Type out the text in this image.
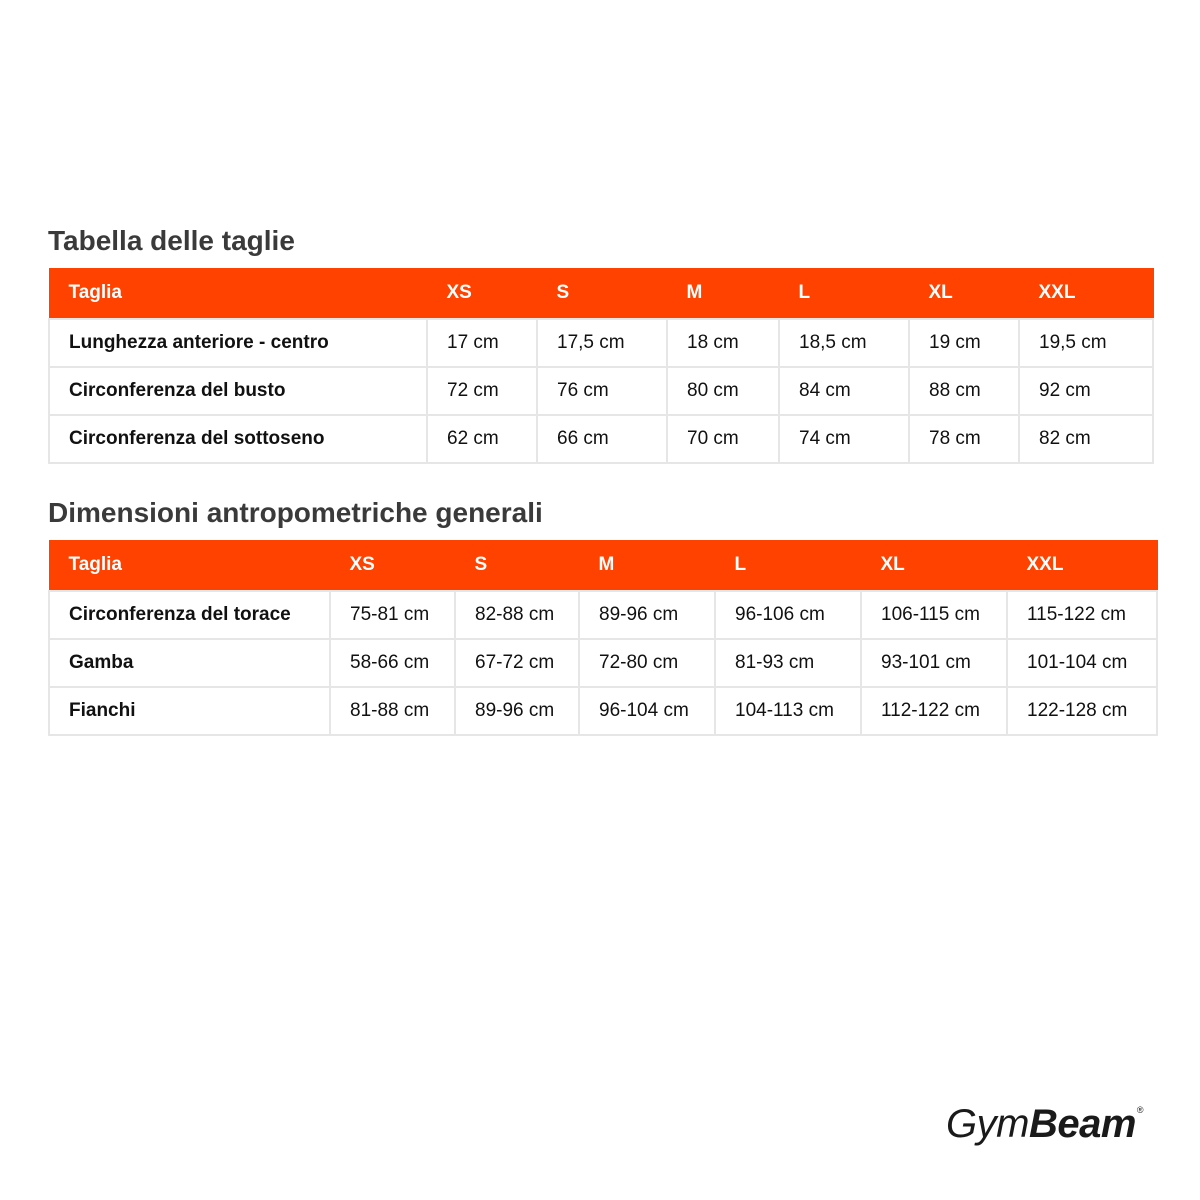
Tabella delle taglie
Taglia	XS	S	M	L	XL	XXL
Lunghezza anteriore - centro	17 cm	17,5 cm	18 cm	18,5 cm	19 cm	19,5 cm
Circonferenza del busto	72 cm	76 cm	80 cm	84 cm	88 cm	92 cm
Circonferenza del sottoseno	62 cm	66 cm	70 cm	74 cm	78 cm	82 cm
Dimensioni antropometriche generali
Taglia	XS	S	M	L	XL	XXL
Circonferenza del torace	75-81 cm	82-88 cm	89-96 cm	96-106 cm	106-115 cm	115-122 cm
Gamba	58-66 cm	67-72 cm	72-80 cm	81-93 cm	93-101 cm	101-104 cm
Fianchi	81-88 cm	89-96 cm	96-104 cm	104-113 cm	112-122 cm	122-128 cm
GymBeam®
